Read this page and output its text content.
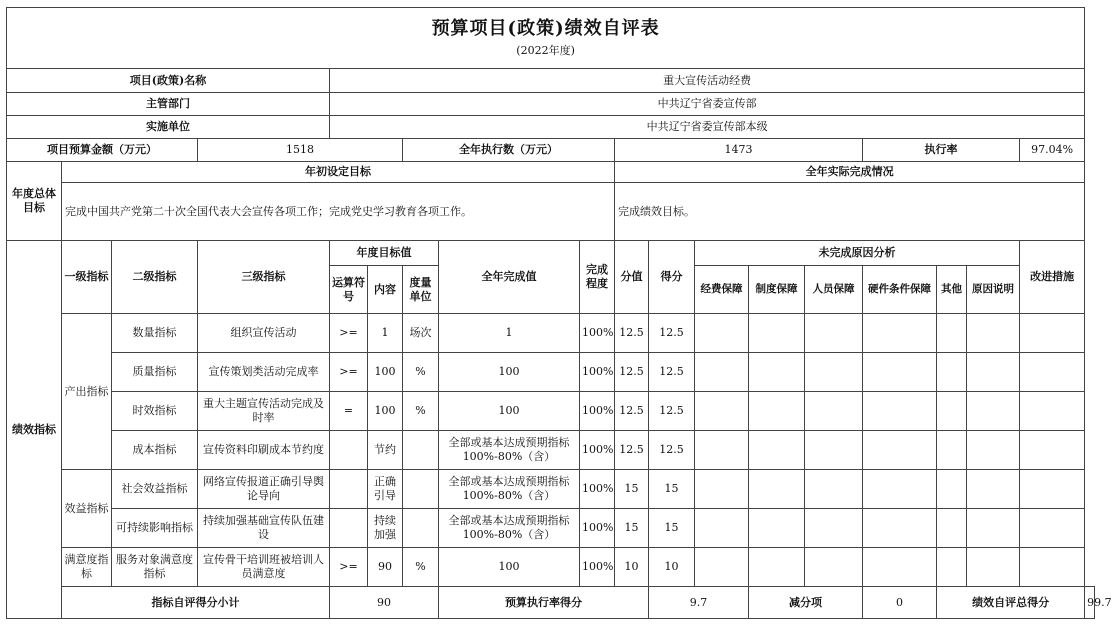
预算项目(政策)绩效自评表
(2022年度)																		

项目(政策)名称				重大宣传活动经费														
主管部门				中共辽宁省委宣传部														
实施单位				中共辽宁省委宣传部本级														
项目预算金额（万元）			1518			全年执行数（万元）			1473					执行率			97.04%	
年度总体目标	年初设定目标								全年实际完成情况									
	完成中国共产党第二十次全国代表大会宣传各项工作；完成党史学习教育各项工作。								完成绩效目标。									
绩效指标	一级指标	二级指标	三级指标	年度目标值			全年完成值	完成程度	分值	得分	未完成原因分析						改进措施	
				运算符号	内容	度量单位					经费保障	制度保障	人员保障	硬件条件保障	其他	原因说明		
	产出指标	数量指标	组织宣传活动	>=	1	场次	1	100%	12.5	12.5								
		质量指标	宣传策划类活动完成率	>=	100	%	100	100%	12.5	12.5								
		时效指标	重大主题宣传活动完成及时率	=	100	%	100	100%	12.5	12.5								
		成本指标	宣传资料印刷成本节约度		节约		全部或基本达成预期指标100%-80%（含）	100%	12.5	12.5								
	效益指标	社会效益指标	网络宣传报道正确引导舆论导向		正确引导		全部或基本达成预期指标100%-80%（含）	100%	15	15								
		可持续影响指标	持续加强基础宣传队伍建设		持续加强		全部或基本达成预期指标100%-80%（含）	100%	15	15								
	满意度指标	服务对象满意度指标	宣传骨干培训班被培训人员满意度	>=	90	%	100	100%	10	10								
	指标自评得分小计			90			预算执行率得分			9.7		减分项		0	绩效自评总得分			99.7
